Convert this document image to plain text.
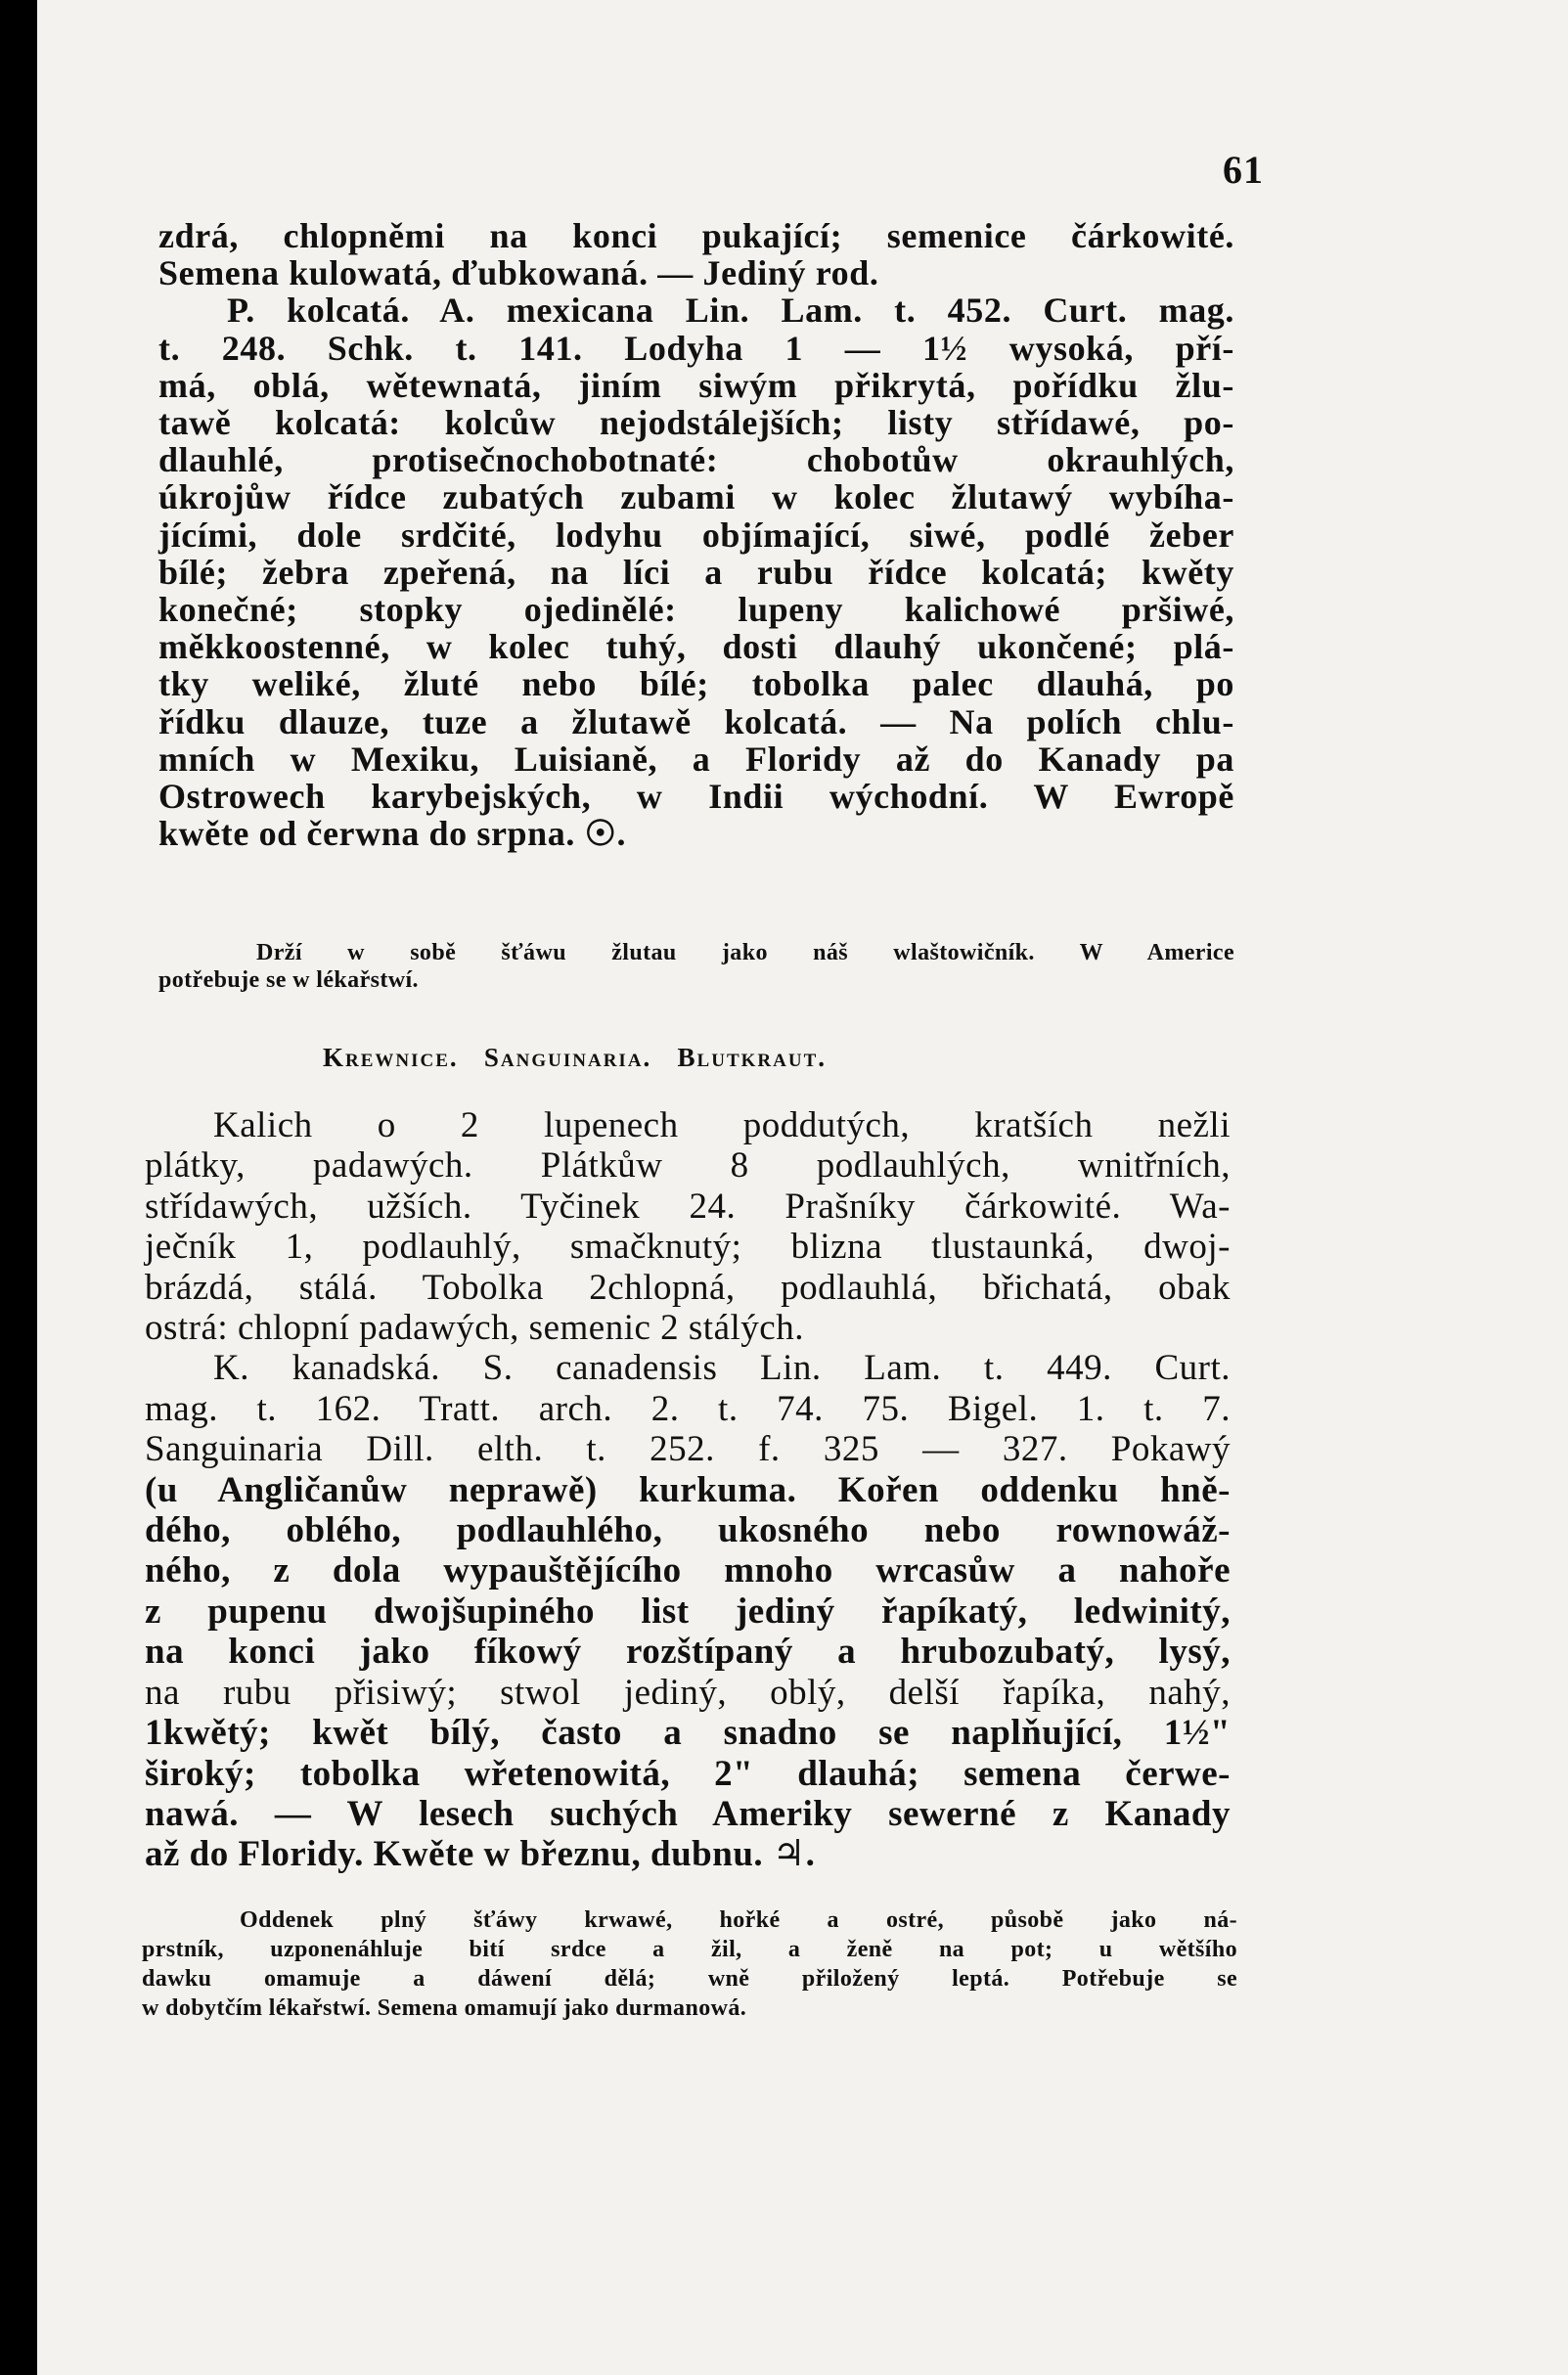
61
zdrá, chlopněmi na konci pukající; semenice čárkowité.
Semena kulowatá, ďubkowaná. — Jediný rod.
P. kolcatá. A. mexicana Lin. Lam. t. 452. Curt. mag.
t. 248. Schk. t. 141. Lodyha 1 — 1½ wysoká, pří-
má, oblá, wětewnatá, jiním siwým přikrytá, pořídku žlu-
tawě kolcatá: kolcůw nejodstálejších; listy střídawé, po-
dlauhlé, protisečnochobotnaté: chobotůw okrauhlých,
úkrojůw řídce zubatých zubami w kolec žlutawý wybíha-
jícími, dole srdčité, lodyhu objímající, siwé, podlé žeber
bílé; žebra zpeřená, na líci a rubu řídce kolcatá; kwěty
konečné; stopky ojedinělé: lupeny kalichowé pršiwé,
měkkoostenné, w kolec tuhý, dosti dlauhý ukončené; plá-
tky weliké, žluté nebo bílé; tobolka palec dlauhá, po
řídku dlauze, tuze a žlutawě kolcatá. — Na polích chlu-
mních w Mexiku, Luisianě, a Floridy až do Kanady pa
Ostrowech karybejských, w Indii wýchodní. W Ewropě
kwěte od čerwna do srpna. ☉.
Drží w sobě šťáwu žlutau jako náš wlaštowičník. W Americe
potřebuje se w lékařstwí.
Krewnice. Sanguinaria. Blutkraut.
Kalich o 2 lupenech poddutých, kratších nežli
plátky, padawých. Plátkůw 8 podlauhlých, wnitřních,
střídawých, užších. Tyčinek 24. Prašníky čárkowité. Wa-
ječník 1, podlauhlý, smačknutý; blizna tlustaunká, dwoj-
brázdá, stálá. Tobolka 2chlopná, podlauhlá, břichatá, obak
ostrá: chlopní padawých, semenic 2 stálých.
K. kanadská. S. canadensis Lin. Lam. t. 449. Curt.
mag. t. 162. Tratt. arch. 2. t. 74. 75. Bigel. 1. t. 7.
Sanguinaria Dill. elth. t. 252. f. 325 — 327. Pokawý
(u Angličanůw neprawě) kurkuma. Kořen oddenku hně-
dého, oblého, podlauhlého, ukosného nebo rownowáž-
ného, z dola wypauštějícího mnoho wrcasůw a nahoře
z pupenu dwojšupiného list jediný řapíkatý, ledwinitý,
na konci jako fíkowý rozštípaný a hrubozubatý, lysý,
na rubu přisiwý; stwol jediný, oblý, delší řapíka, nahý,
1kwětý; kwět bílý, často a snadno se naplňující, 1½"
široký; tobolka wřetenowitá, 2" dlauhá; semena čerwe-
nawá. — W lesech suchých Ameriky sewerné z Kanady
až do Floridy. Kwěte w březnu, dubnu. ♃.
Oddenek plný šťáwy krwawé, hořké a ostré, působě jako ná-
prstník, uzponenáhluje bití srdce a žil, a ženě na pot; u wětšího
dawku omamuje a dáwení dělá; wně přiložený leptá. Potřebuje se
w dobytčím lékařstwí. Semena omamují jako durmanowá.
